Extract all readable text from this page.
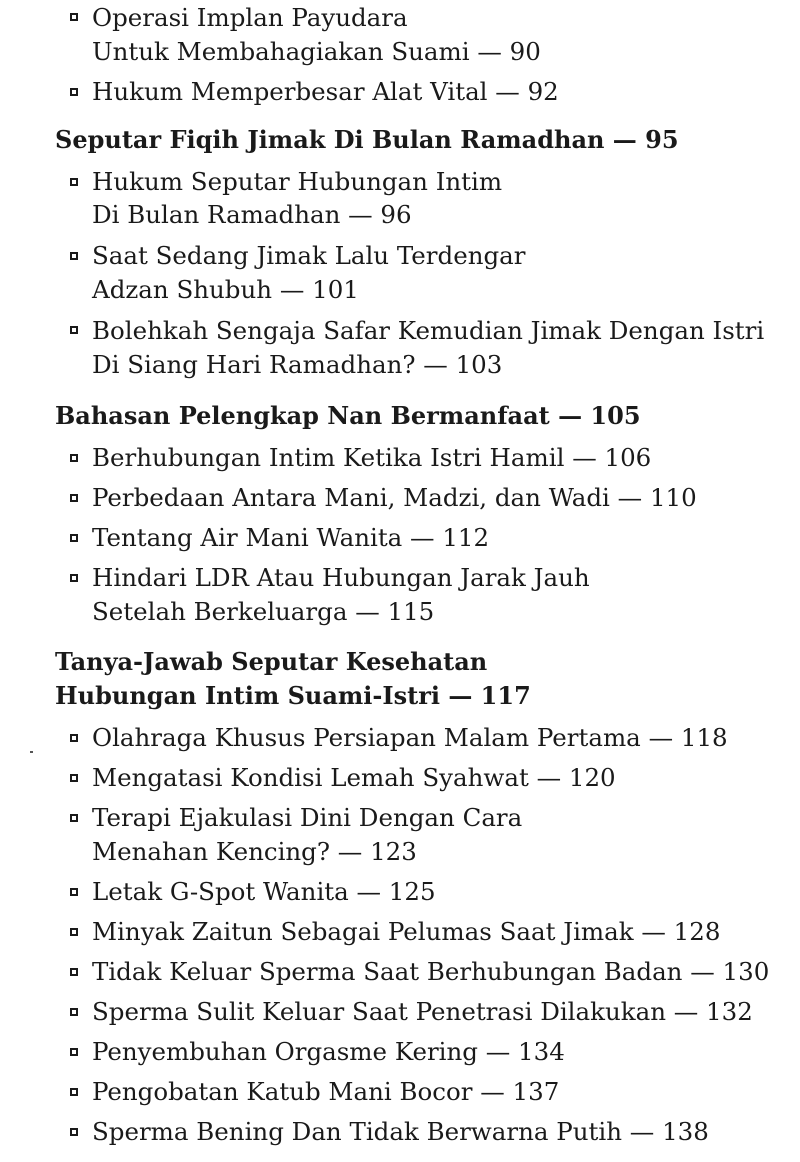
Operasi Implan Payudara
Untuk Membahagiakan Suami — 90
Hukum Memperbesar Alat Vital — 92
Seputar Fiqih Jimak Di Bulan Ramadhan — 95
Hukum Seputar Hubungan Intim
Di Bulan Ramadhan — 96
Saat Sedang Jimak Lalu Terdengar
Adzan Shubuh — 101
Bolehkah Sengaja Safar Kemudian Jimak Dengan Istri
Di Siang Hari Ramadhan? — 103
Bahasan Pelengkap Nan Bermanfaat — 105
Berhubungan Intim Ketika Istri Hamil — 106
Perbedaan Antara Mani, Madzi, dan Wadi — 110
Tentang Air Mani Wanita — 112
Hindari LDR Atau Hubungan Jarak Jauh
Setelah Berkeluarga — 115
Tanya-Jawab Seputar Kesehatan
Hubungan Intim Suami-Istri — 117
Olahraga Khusus Persiapan Malam Pertama — 118
Mengatasi Kondisi Lemah Syahwat — 120
Terapi Ejakulasi Dini Dengan Cara
Menahan Kencing? — 123
Letak G-Spot Wanita — 125
Minyak Zaitun Sebagai Pelumas Saat Jimak — 128
Tidak Keluar Sperma Saat Berhubungan Badan — 130
Sperma Sulit Keluar Saat Penetrasi Dilakukan — 132
Penyembuhan Orgasme Kering — 134
Pengobatan Katub Mani Bocor — 137
Sperma Bening Dan Tidak Berwarna Putih — 138
